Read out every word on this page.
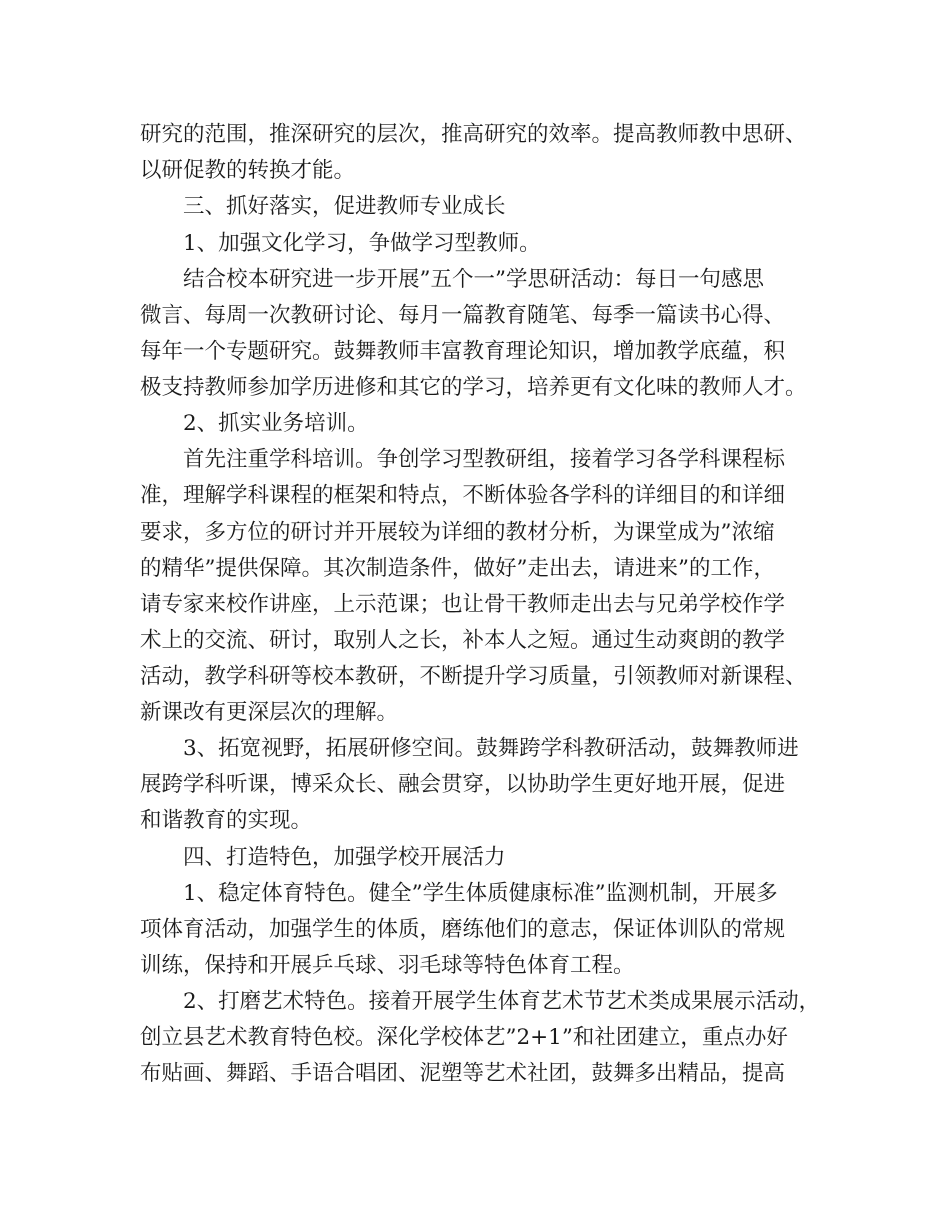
研究的范围，推深研究的层次，推高研究的效率。提高教师教中思研、
以研促教的转换才能。
三、抓好落实，促进教师专业成长
1、加强文化学习，争做学习型教师。
结合校本研究进一步开展”五个一”学思研活动：每日一句感思
微言、每周一次教研讨论、每月一篇教育随笔、每季一篇读书心得、
每年一个专题研究。鼓舞教师丰富教育理论知识，增加教学底蕴，积
极支持教师参加学历进修和其它的学习，培养更有文化味的教师人才。
2、抓实业务培训。
首先注重学科培训。争创学习型教研组，接着学习各学科课程标
准，理解学科课程的框架和特点，不断体验各学科的详细目的和详细
要求，多方位的研讨并开展较为详细的教材分析，为课堂成为”浓缩
的精华”提供保障。其次制造条件，做好”走出去，请进来”的工作，
请专家来校作讲座，上示范课；也让骨干教师走出去与兄弟学校作学
术上的交流、研讨，取别人之长，补本人之短。通过生动爽朗的教学
活动，教学科研等校本教研，不断提升学习质量，引领教师对新课程、
新课改有更深层次的理解。
3、拓宽视野，拓展研修空间。鼓舞跨学科教研活动，鼓舞教师进
展跨学科听课，博采众长、融会贯穿，以协助学生更好地开展，促进
和谐教育的实现。
四、打造特色，加强学校开展活力
1、稳定体育特色。健全”学生体质健康标准”监测机制，开展多
项体育活动，加强学生的体质，磨练他们的意志，保证体训队的常规
训练，保持和开展乒乓球、羽毛球等特色体育工程。
2、打磨艺术特色。接着开展学生体育艺术节艺术类成果展示活动，
创立县艺术教育特色校。深化学校体艺”2+1”和社团建立，重点办好
布贴画、舞蹈、手语合唱团、泥塑等艺术社团，鼓舞多出精品，提高
